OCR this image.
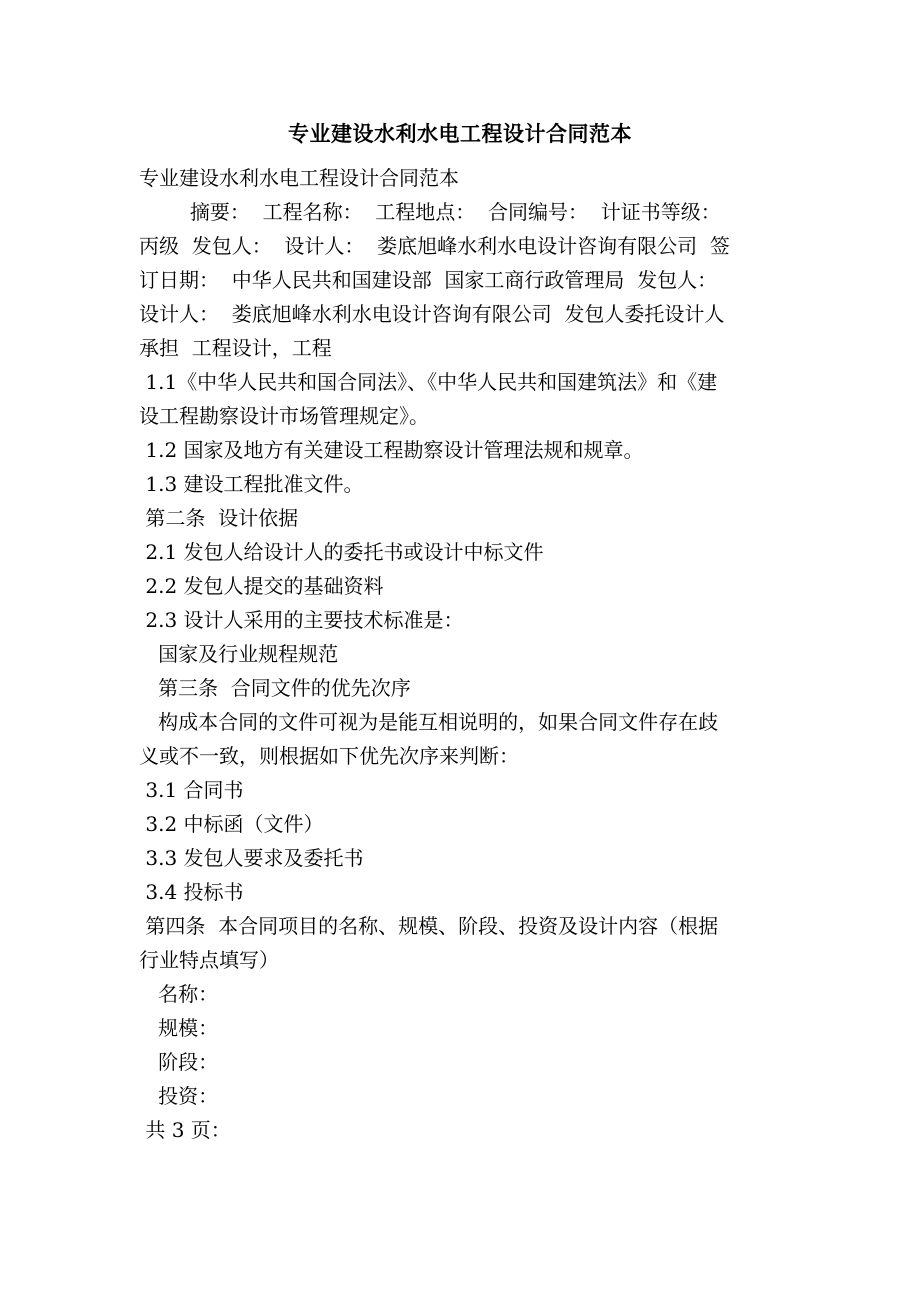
专业建设水利水电工程设计合同范本
专业建设水利水电工程设计合同范本
摘要：  工程名称：  工程地点：  合同编号：  计证书等级：
丙级  发包人：  设计人：  娄底旭峰水利水电设计咨询有限公司  签
订日期：  中华人民共和国建设部  国家工商行政管理局  发包人：
设计人：  娄底旭峰水利水电设计咨询有限公司  发包人委托设计人
承担  工程设计，工程
1.1《中华人民共和国合同法》、《中华人民共和国建筑法》和《建
设工程勘察设计市场管理规定》。
1.2 国家及地方有关建设工程勘察设计管理法规和规章。
1.3 建设工程批准文件。
第二条  设计依据
2.1 发包人给设计人的委托书或设计中标文件
2.2 发包人提交的基础资料
2.3 设计人采用的主要技术标准是：
国家及行业规程规范
第三条  合同文件的优先次序
构成本合同的文件可视为是能互相说明的，如果合同文件存在歧
义或不一致，则根据如下优先次序来判断：
3.1 合同书
3.2 中标函（文件）
3.3 发包人要求及委托书
3.4 投标书
第四条  本合同项目的名称、规模、阶段、投资及设计内容（根据
行业特点填写）
名称：
规模：
阶段：
投资：
共 3 页：
